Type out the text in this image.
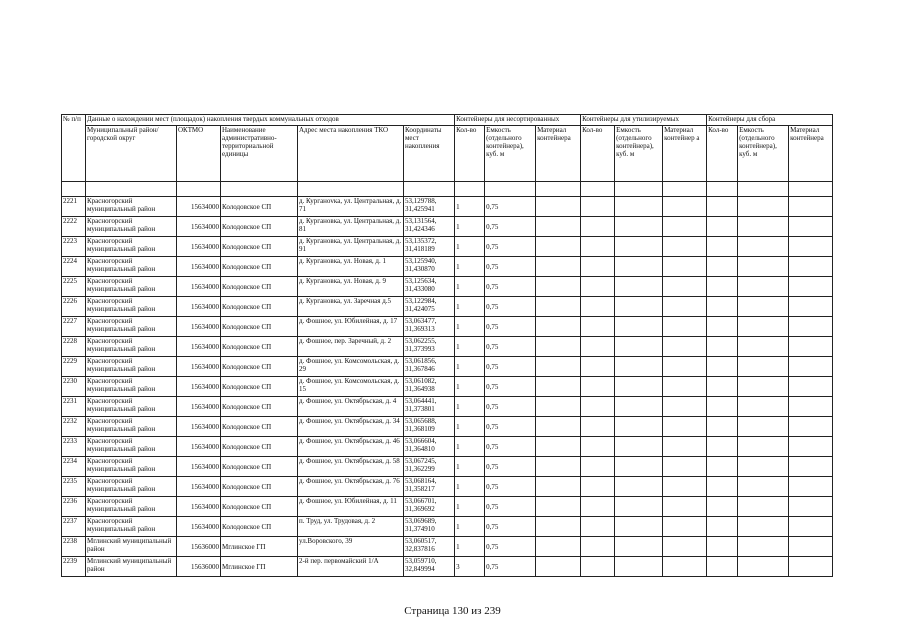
№ п/п	Данные о нахождении мест (площадок) накопления твердых коммунальных отходов					Контейнеры для несортированных			Контейнеры для утилизируемых			Контейнеры для сбора		
	Муниципальный район/городской округ	ОКТМО	Наименование административно-территориальной единицы	Адрес места накопления ТКО	Координаты мест накопления	Кол-во	Емкость (отдельного контейнера), куб. м	Материал контейнера	Кол-во	Емкость (отдельного контейнера), куб. м	Материал контейнер а	Кол-во	Емкость (отдельного контейнера), куб. м	Материал контейнера

2221	Красногорский муниципальный район	15634000	Колодовское СП	д. Курганovка, ул. Центральная, д. 71	53,129788, 31,425941	1	0,75							
2222	Красногорский муниципальный район	15634000	Колодовское СП	д. Кургановка, ул. Центральная, д. 81	53,131564, 31,424346	1	0,75							
2223	Красногорский муниципальный район	15634000	Колодовское СП	д. Кургановка, ул. Центральная, д. 91	53,135372, 31,418189	1	0,75							
2224	Красногорский муниципальный район	15634000	Колодовское СП	д. Кургановка, ул. Новая, д. 1	53,125940, 31,430870	1	0,75							
2225	Красногорский муниципальный район	15634000	Колодовское СП	д. Кургановка, ул. Новая, д. 9	53,125634, 31,433080	1	0,75							
2226	Красногорский муниципальный район	15634000	Колодовское СП	д. Кургановка, ул. Заречная д.5	53,122984, 31,424075	1	0,75							
2227	Красногорский муниципальный район	15634000	Колодовское СП	д. Фошное, ул. Юбилейная, д. 17	53,063477, 31,369313	1	0,75							
2228	Красногорский муниципальный район	15634000	Колодовское СП	д. Фошное, пер. Заречный, д. 2	53,062255, 31,373993	1	0,75							
2229	Красногорский муниципальный район	15634000	Колодовское СП	д. Фошное, ул. Комсомольская, д. 29	53,061856, 31,367846	1	0,75							
2230	Красногорский муниципальный район	15634000	Колодовское СП	д. Фошное, ул. Комсомольская, д. 15	53,061082, 31,364938	1	0,75							
2231	Красногорский муниципальный район	15634000	Колодовское СП	д. Фошное, ул. Октябрьская, д. 4	53,064441, 31,373801	1	0,75							
2232	Красногорский муниципальный район	15634000	Колодовское СП	д. Фошное, ул. Октябрьская, д. 34	53,065688, 31,368109	1	0,75							
2233	Красногорский муниципальный район	15634000	Колодовское СП	д. Фошное, ул. Октябрьская, д. 46	53,066604, 31,364810	1	0,75							
2234	Красногорский муниципальный район	15634000	Колодовское СП	д. Фошное, ул. Октябрьская, д. 58	53,067245, 31,362299	1	0,75							
2235	Красногорский муниципальный район	15634000	Колодовское СП	д. Фошное, ул. Октябрьская, д. 76	53,068164, 31,358217	1	0,75							
2236	Красногорский муниципальный район	15634000	Колодовское СП	д. Фошное, ул. Юбилейная, д. 11	53,066701, 31,369692	1	0,75							
2237	Красногорский муниципальный район	15634000	Колодовское СП	п. Труд, ул. Трудовая, д. 2	53,069689, 31,374910	1	0,75							
2238	Мглинский муниципальный район	15636000	Мглинское ГП	ул.Воровского, 39	53,060517, 32,837816	1	0,75							
2239	Мглинский муниципальный район	15636000	Мглинское ГП	2-й пер. первомайский 1/А	53,059710, 32,849994	3	0,75							
Страница 130 из 239
